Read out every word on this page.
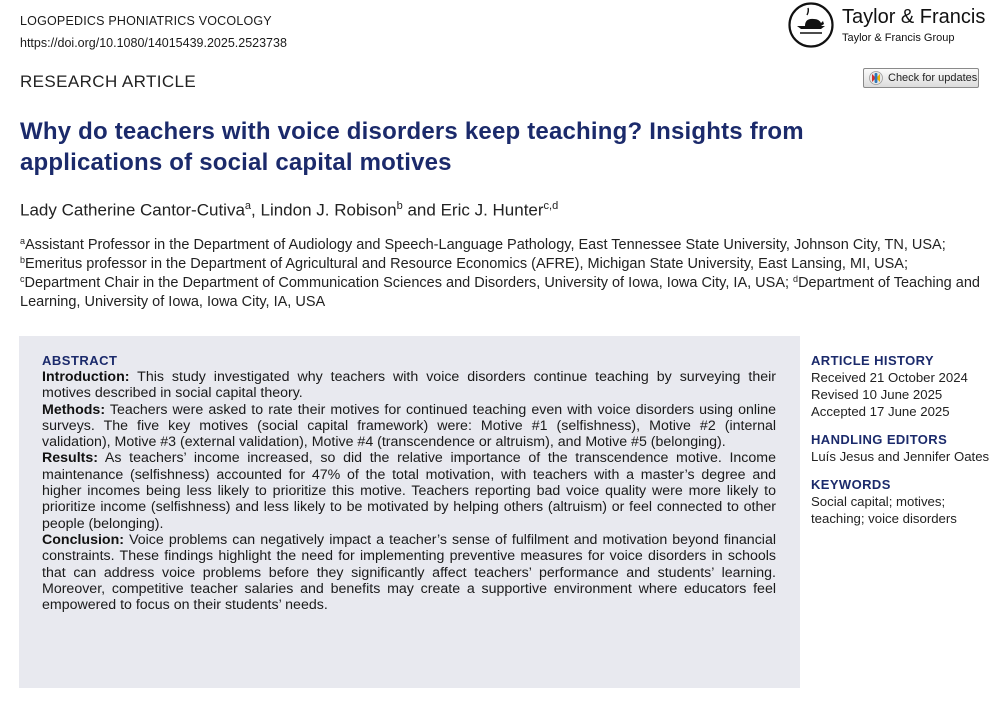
LOGOPEDICS PHONIATRICS VOCOLOGY
https://doi.org/10.1080/14015439.2025.2523738
Taylor & Francis
Taylor & Francis Group
RESEARCH ARTICLE	Check for updates
Why do teachers with voice disorders keep teaching? Insights from applications of social capital motives
Lady Catherine Cantor-Cutiva$^a$, Lindon J. Robison$^b$ and Eric J. Hunter$^{c,d}$
$^a$Assistant Professor in the Department of Audiology and Speech-Language Pathology, East Tennessee State University, Johnson City, TN, USA;
$^b$Emeritus professor in the Department of Agricultural and Resource Economics (AFRE), Michigan State University, East Lansing, MI, USA;
$^c$Department Chair in the Department of Communication Sciences and Disorders, University of Iowa, Iowa City, IA, USA; $^d$Department of Teaching and Learning, University of Iowa, Iowa City, IA, USA
ABSTRACT

Introduction: This study investigated why teachers with voice disorders continue teaching by surveying their motives described in social capital theory.

Methods: Teachers were asked to rate their motives for continued teaching even with voice disorders using online surveys. The five key motives (social capital framework) were: Motive #1 (selfishness), Motive #2 (internal validation), Motive #3 (external validation), Motive #4 (transcendence or altruism), and Motive #5 (belonging).

Results: As teachers’ income increased, so did the relative importance of the transcendence motive. Income maintenance (selfishness) accounted for 47% of the total motivation, with teachers with a master’s degree and higher incomes being less likely to prioritize this motive. Teachers reporting bad voice quality were more likely to prioritize income (selfishness) and less likely to be motivated by helping others (altruism) or feel connected to other people (belonging).

Conclusion: Voice problems can negatively impact a teacher’s sense of fulfilment and motivation beyond financial constraints. These findings highlight the need for implementing preventive measures for voice disorders in schools that can address voice problems before they significantly affect teachers’ performance and students’ learning. Moreover, competitive teacher salaries and benefits may create a supportive environment where educators feel empowered to focus on their students’ needs.

ARTICLE HISTORY
Received 21 October 2024
Revised 10 June 2025
Accepted 17 June 2025
HANDLING EDITORS
Luís Jesus and Jennifer Oates
KEYWORDS
Social capital; motives;
teaching; voice disorders
